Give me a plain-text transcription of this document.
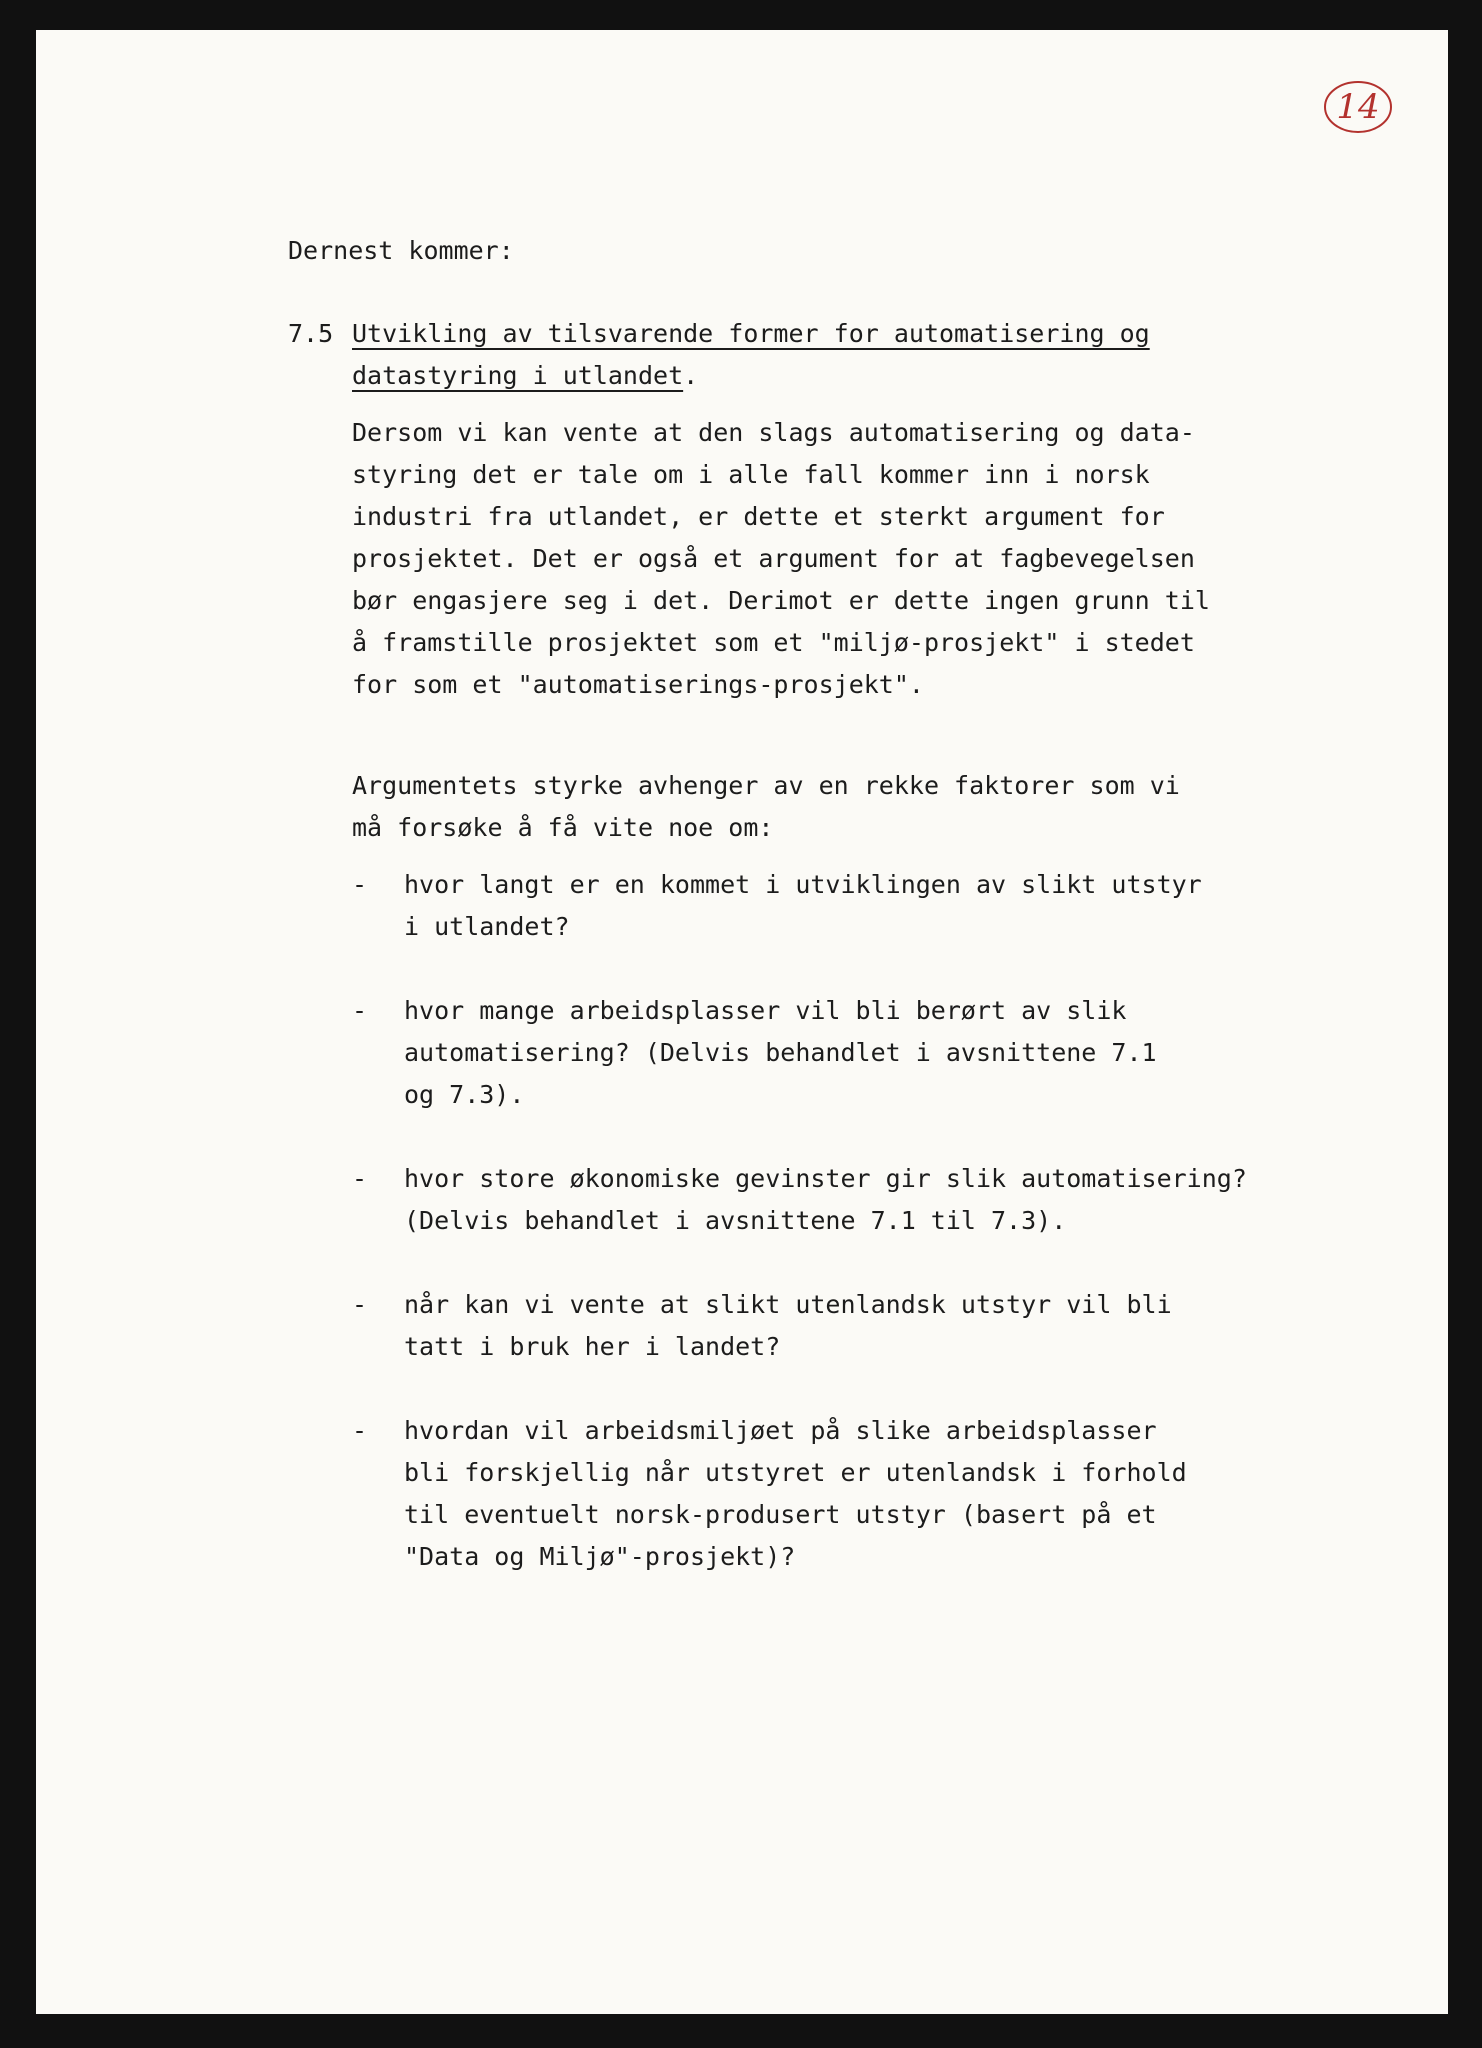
14

Dernest kommer:

7.5 Utvikling av tilsvarende former for automatisering og
datastyring i utlandet.

Dersom vi kan vente at den slags automatisering og data-
styring det er tale om i alle fall kommer inn i norsk
industri fra utlandet, er dette et sterkt argument for
prosjektet. Det er også et argument for at fagbevegelsen
bør engasjere seg i det. Derimot er dette ingen grunn til
å framstille prosjektet som et "miljø-prosjekt" i stedet
for som et "automatiserings-prosjekt".
Argumentets styrke avhenger av en rekke faktorer som vi
må forsøke å få vite noe om:
- hvor langt er en kommet i utviklingen av slikt utstyr
i utlandet?
- hvor mange arbeidsplasser vil bli berørt av slik
automatisering? (Delvis behandlet i avsnittene 7.1
og 7.3).
- hvor store økonomiske gevinster gir slik automatisering?
(Delvis behandlet i avsnittene 7.1 til 7.3).
- når kan vi vente at slikt utenlandsk utstyr vil bli
tatt i bruk her i landet?
- hvordan vil arbeidsmiljøet på slike arbeidsplasser
bli forskjellig når utstyret er utenlandsk i forhold
til eventuelt norsk-produsert utstyr (basert på et
"Data og Miljø"-prosjekt)?
